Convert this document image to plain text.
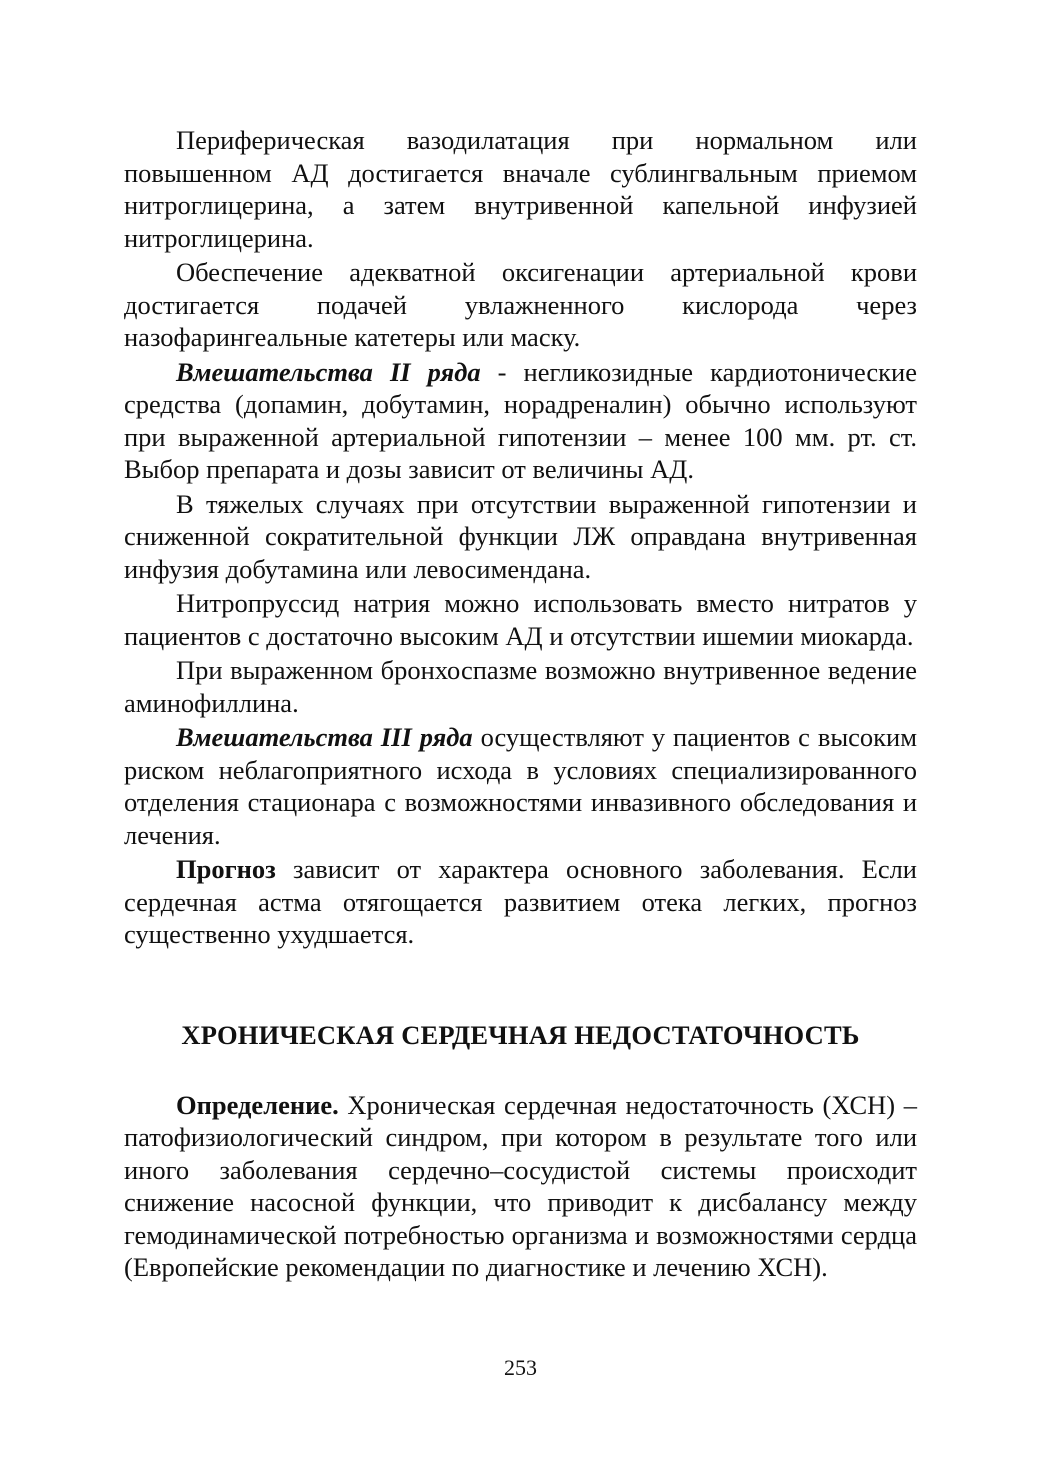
Периферическая вазодилатация при нормальном или повышенном АД достигается вначале сублингвальным приемом нитроглицерина, а затем внутривенной капельной инфузией нитроглицерина.

Обеспечение адекватной оксигенации артериальной крови достигается подачей увлажненного кислорода через назофарингеальные катетеры или маску.

Вмешательства II ряда - негликозидные кардиотонические средства (допамин, добутамин, норадреналин) обычно используют при выраженной артериальной гипотензии – менее 100 мм. рт. ст. Выбор препарата и дозы зависит от величины АД.

В тяжелых случаях при отсутствии выраженной гипотензии и сниженной сократительной функции ЛЖ оправдана внутривенная инфузия добутамина или левосимендана.

Нитропруссид натрия можно использовать вместо нитратов у пациентов с достаточно высоким АД и отсутствии ишемии миокарда.

При выраженном бронхоспазме возможно внутривенное ведение аминофиллина.

Вмешательства III ряда осуществляют у пациентов с высоким риском неблагоприятного исхода в условиях специализированного отделения стационара с возможностями инвазивного обследования и лечения.

Прогноз зависит от характера основного заболевания. Если сердечная астма отягощается развитием отека легких, прогноз существенно ухудшается.

ХРОНИЧЕСКАЯ СЕРДЕЧНАЯ НЕДОСТАТОЧНОСТЬ

Определение. Хроническая сердечная недостаточность (ХСН) – патофизиологический синдром, при котором в результате того или иного заболевания сердечно–сосудистой системы происходит снижение насосной функции, что приводит к дисбалансу между гемодинамической потребностью организма и возможностями сердца (Европейские рекомендации по диагностике и лечению ХСН).

253
